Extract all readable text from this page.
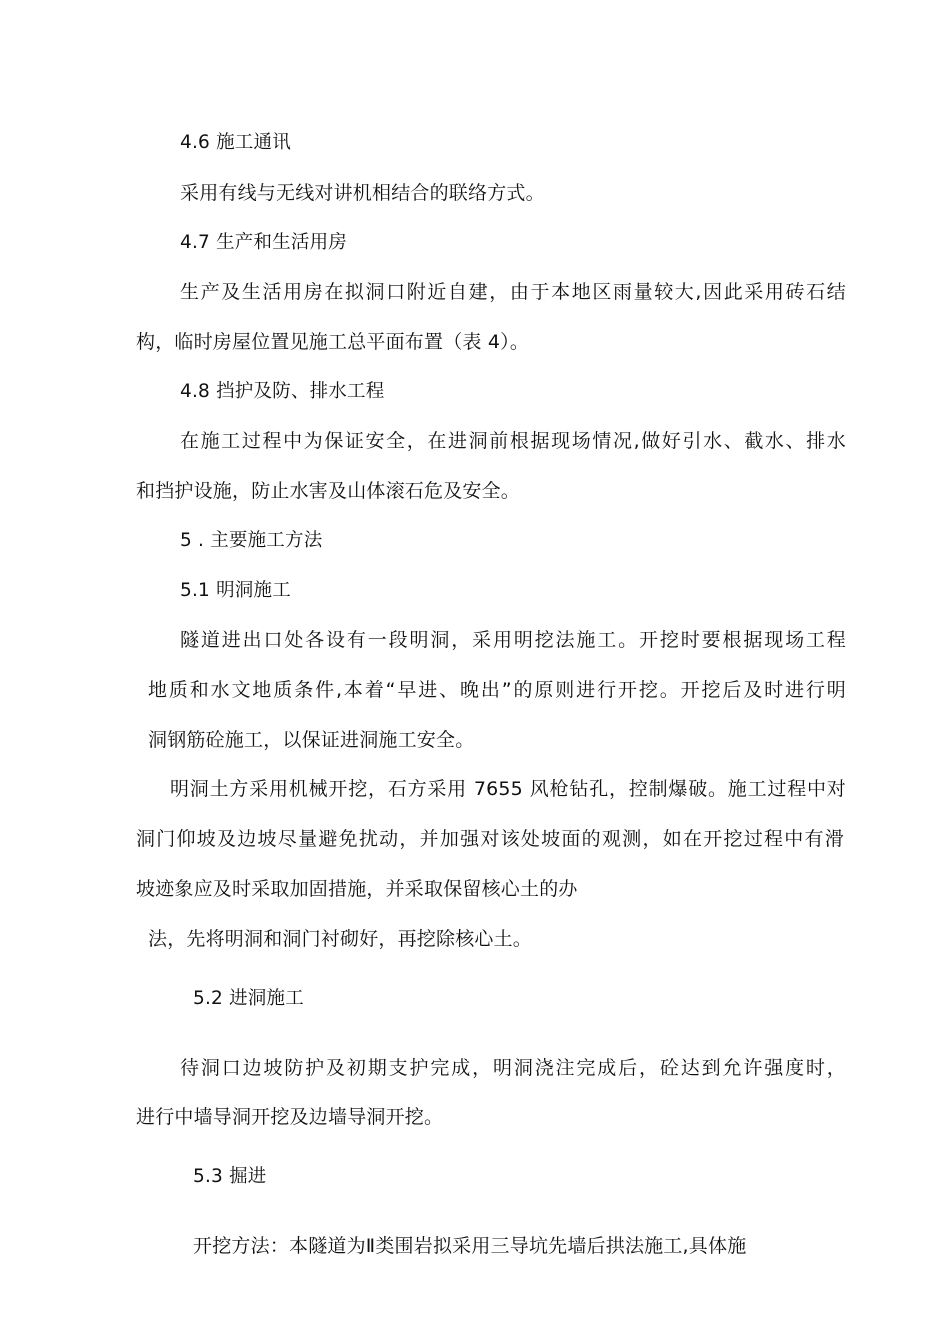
4.6 施工通讯
采用有线与无线对讲机相结合的联络方式。
4.7 生产和生活用房
生产及生活用房在拟洞口附近自建，由于本地区雨量较大,因此采用砖石结
构，临时房屋位置见施工总平面布置（表 4）。
4.8 挡护及防、排水工程
在施工过程中为保证安全，在进洞前根据现场情况,做好引水、截水、排水
和挡护设施，防止水害及山体滚石危及安全。
5 . 主要施工方法
5.1 明洞施工
隧道进出口处各设有一段明洞，采用明挖法施工。开挖时要根据现场工程
地质和水文地质条件,本着“早进、晚出”的原则进行开挖。开挖后及时进行明
洞钢筋砼施工，以保证进洞施工安全。
明洞土方采用机械开挖，石方采用 7655 风枪钻孔，控制爆破。施工过程中对
洞门仰坡及边坡尽量避免扰动，并加强对该处坡面的观测，如在开挖过程中有滑
坡迹象应及时采取加固措施，并采取保留核心土的办
法，先将明洞和洞门衬砌好，再挖除核心土。
5.2 进洞施工
待洞口边坡防护及初期支护完成，明洞浇注完成后，砼达到允许强度时，
进行中墙导洞开挖及边墙导洞开挖。
5.3 掘进
开挖方法：本隧道为Ⅱ类围岩拟采用三导坑先墙后拱法施工,具体施
